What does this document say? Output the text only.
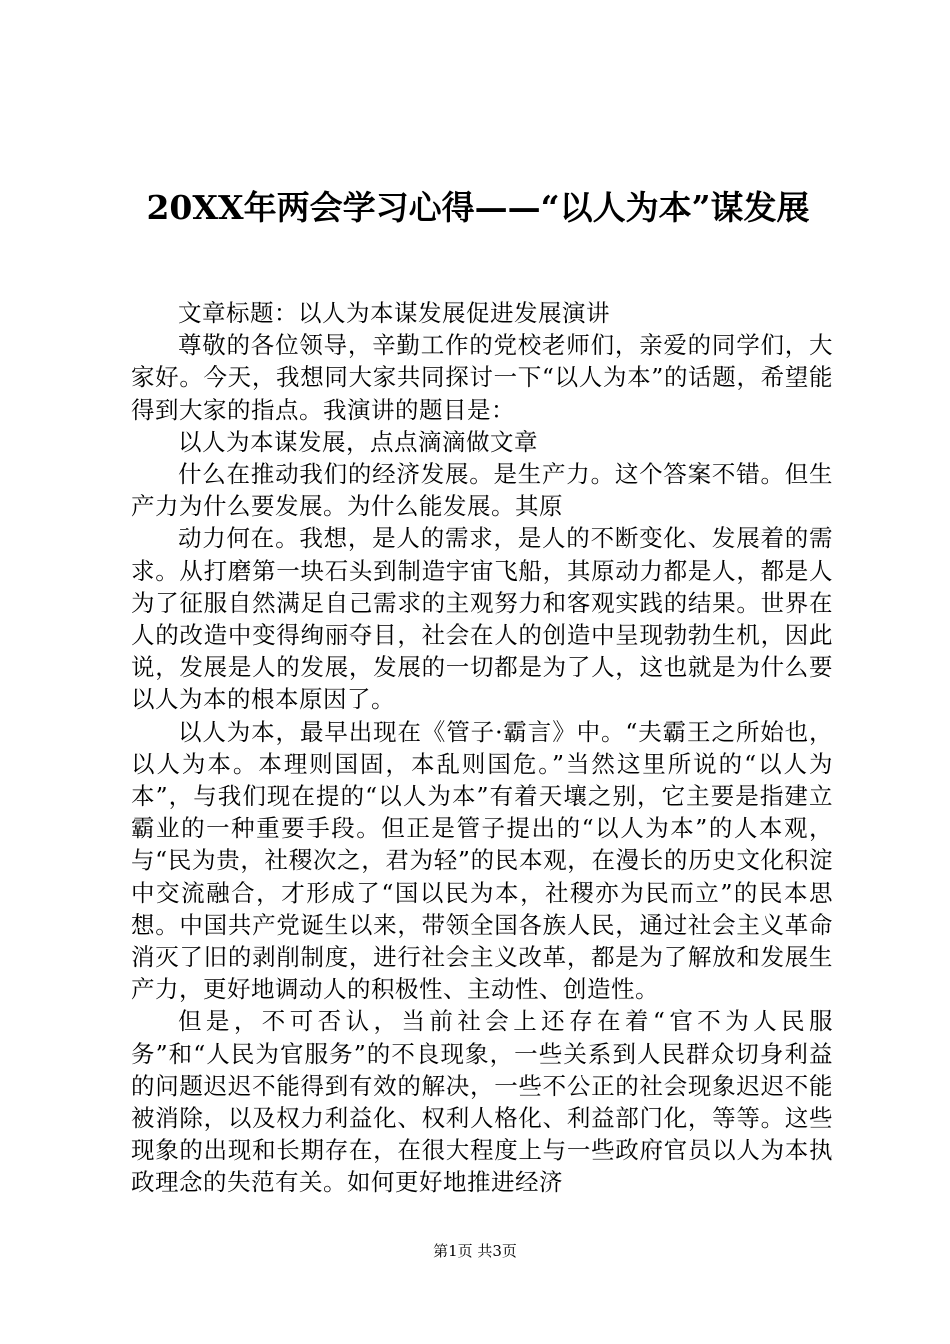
20XX年两会学习心得——“以人为本”谋发展

文章标题：以人为本谋发展促进发展演讲

尊敬的各位领导，辛勤工作的党校老师们，亲爱的同学们，大家好。今天，我想同大家共同探讨一下“以人为本”的话题，希望能得到大家的指点。我演讲的题目是：

以人为本谋发展，点点滴滴做文章

什么在推动我们的经济发展。是生产力。这个答案不错。但生产力为什么要发展。为什么能发展。其原

动力何在。我想，是人的需求，是人的不断变化、发展着的需求。从打磨第一块石头到制造宇宙飞船，其原动力都是人，都是人为了征服自然满足自己需求的主观努力和客观实践的结果。世界在人的改造中变得绚丽夺目，社会在人的创造中呈现勃勃生机，因此说，发展是人的发展，发展的一切都是为了人，这也就是为什么要以人为本的根本原因了。

以人为本，最早出现在《管子·霸言》中。“夫霸王之所始也，以人为本。本理则国固，本乱则国危。”当然这里所说的“以人为本”，与我们现在提的“以人为本”有着天壤之别，它主要是指建立霸业的一种重要手段。但正是管子提出的“以人为本”的人本观，与“民为贵，社稷次之，君为轻”的民本观，在漫长的历史文化积淀中交流融合，才形成了“国以民为本，社稷亦为民而立”的民本思想。中国共产党诞生以来，带领全国各族人民，通过社会主义革命消灭了旧的剥削制度，进行社会主义改革，都是为了解放和发展生产力，更好地调动人的积极性、主动性、创造性。

但是，不可否认，当前社会上还存在着“官不为人民服务”和“人民为官服务”的不良现象，一些关系到人民群众切身利益的问题迟迟不能得到有效的解决，一些不公正的社会现象迟迟不能被消除，以及权力利益化、权利人格化、利益部门化，等等。这些现象的出现和长期存在，在很大程度上与一些政府官员以人为本执政理念的失范有关。如何更好地推进经济

第1页 共3页
